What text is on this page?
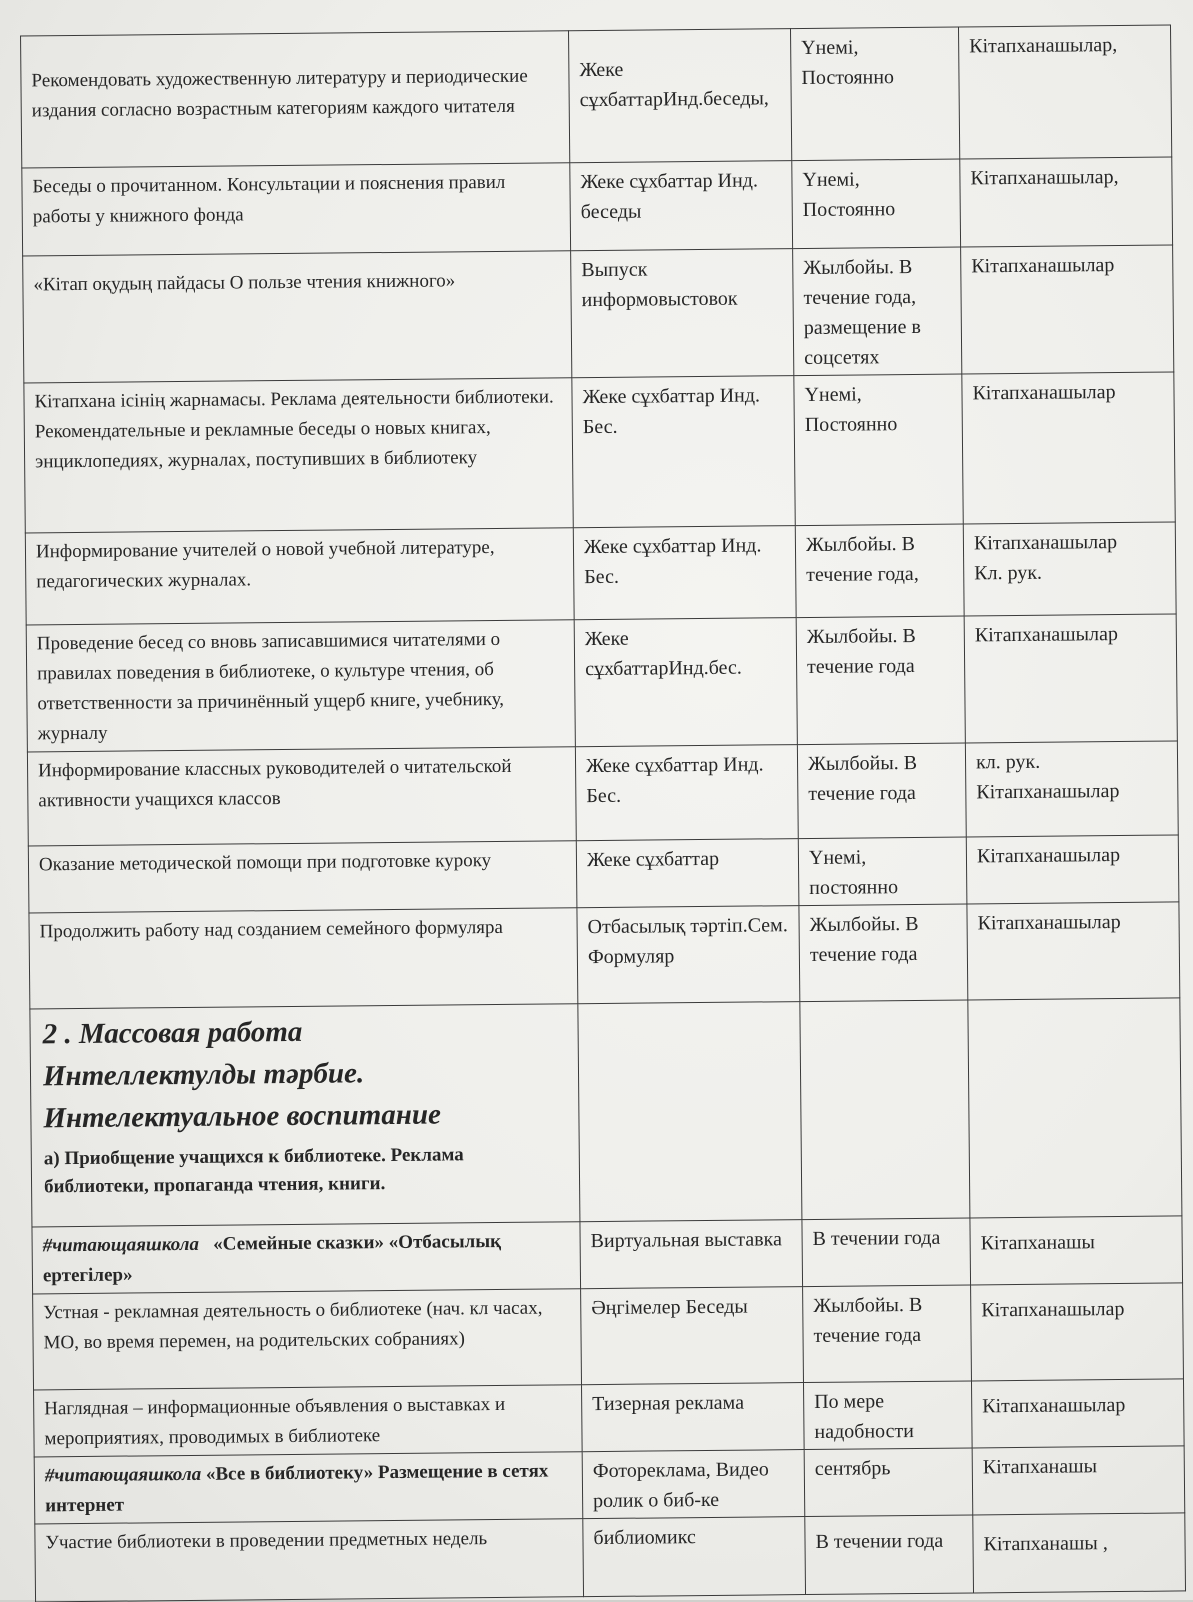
Рекомендовать художественную литературу и периодические издания согласно возрастным категориям каждого читателя	Жеке сұхбаттарИнд.беседы,	Үнемі, Постоянно	Кітапханашылар,

Беседы о прочитанном. Консультации и пояснения правил работы у книжного фонда	Жеке сұхбаттар Инд. беседы	Үнемі, Постоянно	Кітапханашылар,

«Кітап оқудың пайдасы О пользе чтения книжного»	Выпуск информовыстовок	Жылбойы. В течение года, размещение в соцсетях	Кітапханашылар

Кітапхана ісінің жарнамасы. Реклама деятельности библиотеки.
Рекомендательные и рекламные беседы о новых книгах, энциклопедиях, журналах, поступивших в библиотеку	Жеке сұхбаттар Инд. Бес.	Үнемі, Постоянно	Кітапханашылар

Информирование учителей о новой учебной литературе, педагогических журналах.	Жеке сұхбаттар Инд. Бес.	Жылбойы. В течение года,	Кітапханашылар
Кл. рук.

Проведение бесед со вновь записавшимися читателями о правилах поведения в библиотеке, о культуре чтения, об ответственности за причинённый ущерб книге, учебнику, журналу	Жеке сұхбаттарИнд.бес.	Жылбойы. В течение года	Кітапханашылар

Информирование классных руководителей о читательской активности учащихся классов	Жеке сұхбаттар Инд. Бес.	Жылбойы. В течение года	кл. рук.
Кітапханашылар

Оказание методической помощи при подготовке куроку	Жеке сұхбаттар	Үнемі, постоянно	Кітапханашылар

Продолжить работу над созданием семейного формуляра	Отбасылық тәртіп.Сем. Формуляр	Жылбойы. В течение года	Кітапханашылар

2 . Массовая работа
Интеллектулды тәрбие.
Интелектуальное воспитание
а) Приобщение учащихся к библиотеке. Реклама библиотеки, пропаганда чтения, книги.			

#читающаяшкола «Семейные сказки» «Отбасылық ертегілер»	Виртуальная выставка	В течении года	Кітапханашы

Устная - рекламная деятельность о библиотеке (нач. кл часах, МО, во время перемен, на родительских собраниях)	Әңгімелер Беседы	Жылбойы. В течение года	Кітапханашылар

Наглядная – информационные объявления о выставках и мероприятиях, проводимых в библиотеке	Тизерная реклама	По мере надобности	Кітапханашылар

#читающаяшкола «Все в библиотеку» Размещение в сетях интернет	Фотореклама, Видео ролик о биб-ке	сентябрь	Кітапханашы

Участие библиотеки в проведении предметных недель	библиомикс	В течении года	Кітапханашы ,
